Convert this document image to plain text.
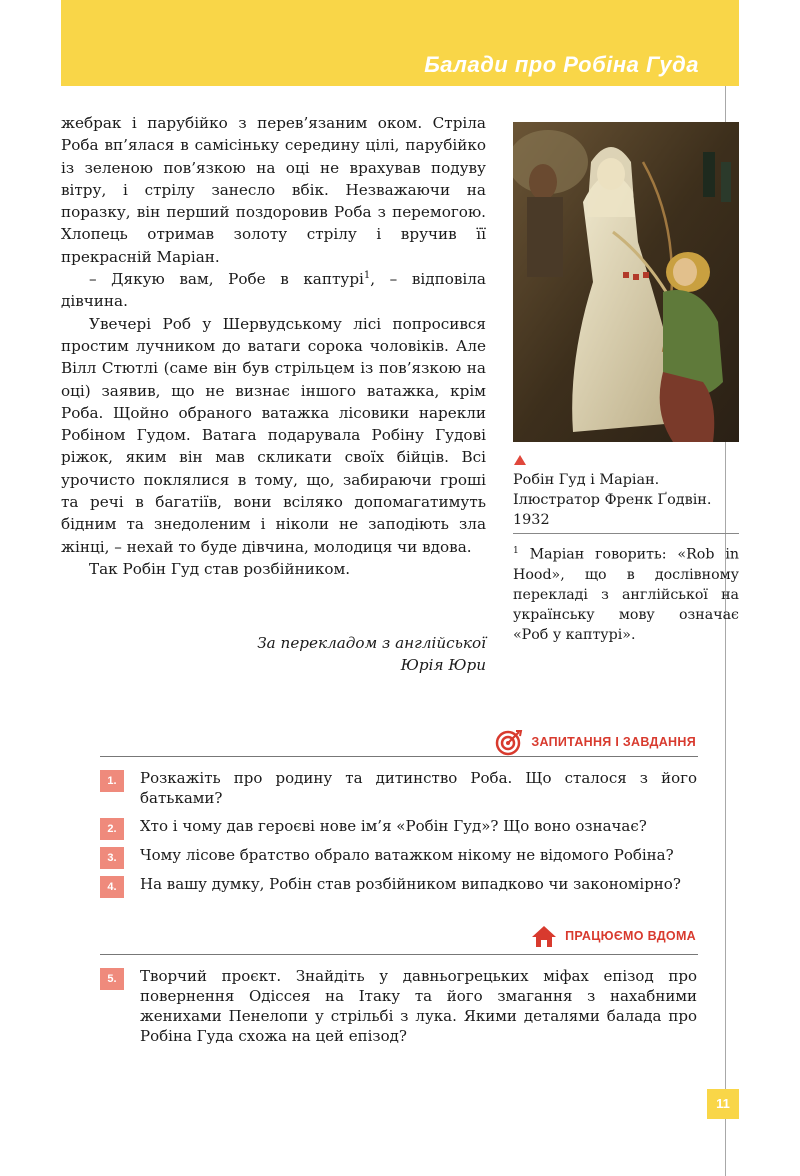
Балади про Робіна Гуда

жебрак і парубійко з перев’язаним оком. Стріла Роба вп’ялася в самісіньку середину цілі, парубійко із зеленою пов’язкою на оці не врахував подуву вітру, і стрілу занесло вбік. Незважаючи на поразку, він перший поздоровив Роба з перемогою. Хлопець отримав золоту стрілу і вручив її прекрасній Маріан.

– Дякую вам, Робе в каптурі$^1$, – відповіла дівчина.

Увечері Роб у Шервудському лісі попросився простим лучником до ватаги сорока чоловіків. Але Вілл Стютлі (саме він був стрільцем із пов’язкою на оці) заявив, що не визнає іншого ватажка, крім Роба. Щойно обраного ватажка лісовики нарекли Робіном Гудом. Ватага подарувала Робіну Гудові ріжок, яким він мав скликати своїх бійців. Всі урочисто поклялися в тому, що, забираючи гроші та речі в багатіїв, вони всіляко допомагатимуть бідним та знедоленим і ніколи не заподіють зла жінці, – нехай то буде дівчина, молодиця чи вдова.

Так Робін Гуд став розбійником.

За перекладом з англійської
Юрія Юри
Робін Гуд і Маріан.
Ілюстратор Френк Ґодвін.
1932
$^1$ Маріан говорить: «Rob in Hood», що в дослівному перекладі з англійської на українську мову означає «Роб у каптурі».
ЗАПИТАННЯ І ЗАВДАННЯ
1.	Розкажіть про родину та дитинство Роба. Що сталося з його батьками?
2.	Хто і чому дав героєві нове ім’я «Робін Гуд»? Що воно означає?
3.	Чому лісове братство обрало ватажком нікому не відомого Робіна?
4.	На вашу думку, Робін став розбійником випадково чи закономірно?
ПРАЦЮЄМО ВДОМА
5.	Творчий проєкт. Знайдіть у давньогрецьких міфах епізод про повернення Одіссея на Ітаку та його змагання з нахабними женихами Пенелопи у стрільбі з лука. Якими деталями балада про Робіна Гуда схожа на цей епізод?
11
